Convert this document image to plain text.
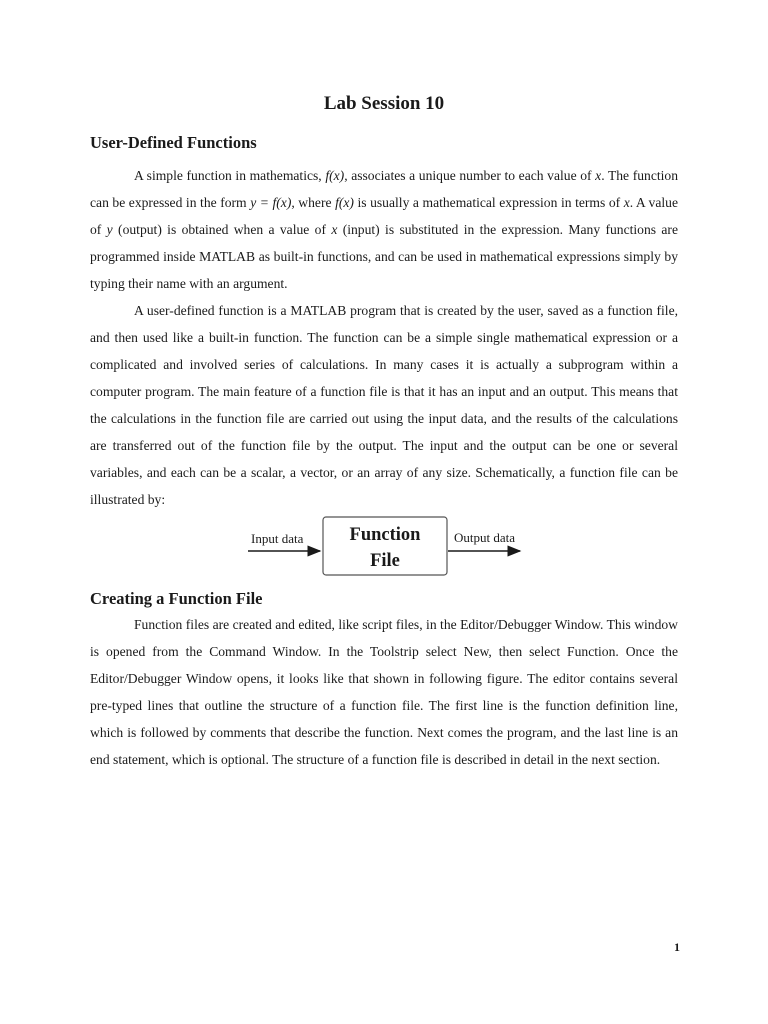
Lab Session 10
User-Defined Functions

A simple function in mathematics, f(x), associates a unique number to each value of x. The function can be expressed in the form y = f(x), where f(x) is usually a mathematical expression in terms of x. A value of y (output) is obtained when a value of x (input) is substituted in the expression. Many functions are programmed inside MATLAB as built-in functions, and can be used in mathematical expressions simply by typing their name with an argument.

A user-defined function is a MATLAB program that is created by the user, saved as a function file, and then used like a built-in function. The function can be a simple single mathematical expression or a complicated and involved series of calculations. In many cases it is actually a subprogram within a computer program. The main feature of a function file is that it has an input and an output. This means that the calculations in the function file are carried out using the input data, and the results of the calculations are transferred out of the function file by the output. The input and the output can be one or several variables, and each can be a scalar, a vector, or an array of any size. Schematically, a function file can be illustrated by:

Input data Function
File
Output data
Creating a Function File

Function files are created and edited, like script files, in the Editor/Debugger Window. This window is opened from the Command Window. In the Toolstrip select New, then select Function. Once the Editor/Debugger Window opens, it looks like that shown in following figure. The editor contains several pre-typed lines that outline the structure of a function file. The first line is the function definition line, which is followed by comments that describe the function. Next comes the program, and the last line is an end statement, which is optional. The structure of a function file is described in detail in the next section.

1
